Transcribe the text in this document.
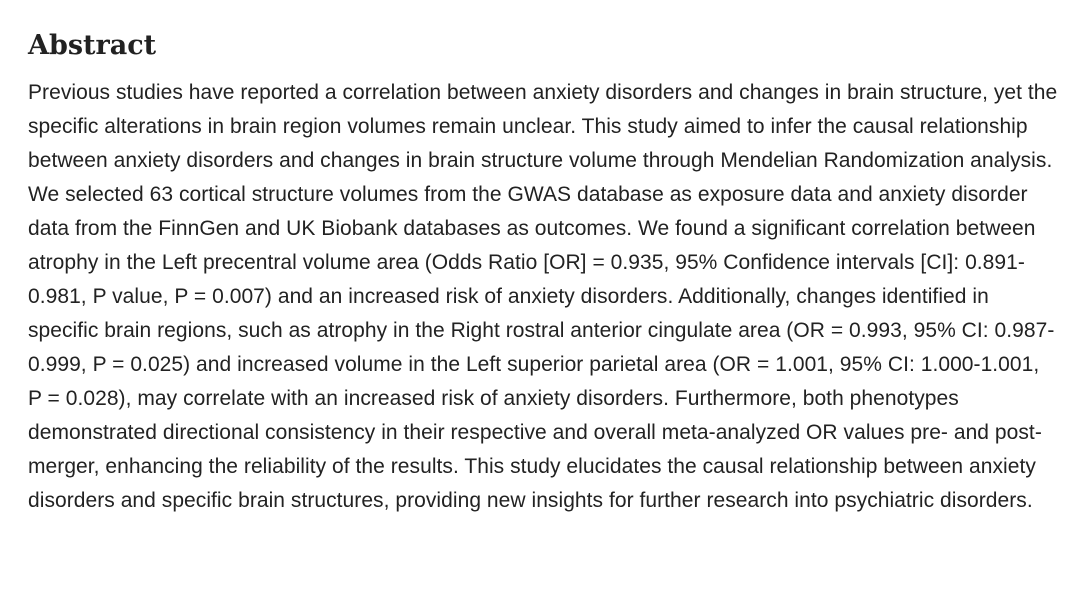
Abstract

Previous studies have reported a correlation between anxiety disorders and changes in brain structure, yet the specific alterations in brain region volumes remain unclear. This study aimed to infer the causal relationship between anxiety disorders and changes in brain structure volume through Mendelian Randomization analysis. We selected 63 cortical structure volumes from the GWAS database as exposure data and anxiety disorder data from the FinnGen and UK Biobank databases as outcomes. We found a significant correlation between atrophy in the Left precentral volume area (Odds Ratio [OR] = 0.935, 95% Confidence intervals [CI]: 0.891-0.981, P value, P = 0.007) and an increased risk of anxiety disorders. Additionally, changes identified in specific brain regions, such as atrophy in the Right rostral anterior cingulate area (OR = 0.993, 95% CI: 0.987-0.999, P = 0.025) and increased volume in the Left superior parietal area (OR = 1.001, 95% CI: 1.000-1.001, P = 0.028), may correlate with an increased risk of anxiety disorders. Furthermore, both phenotypes demonstrated directional consistency in their respective and overall meta-analyzed OR values pre- and post-merger, enhancing the reliability of the results. This study elucidates the causal relationship between anxiety disorders and specific brain structures, providing new insights for further research into psychiatric disorders.
